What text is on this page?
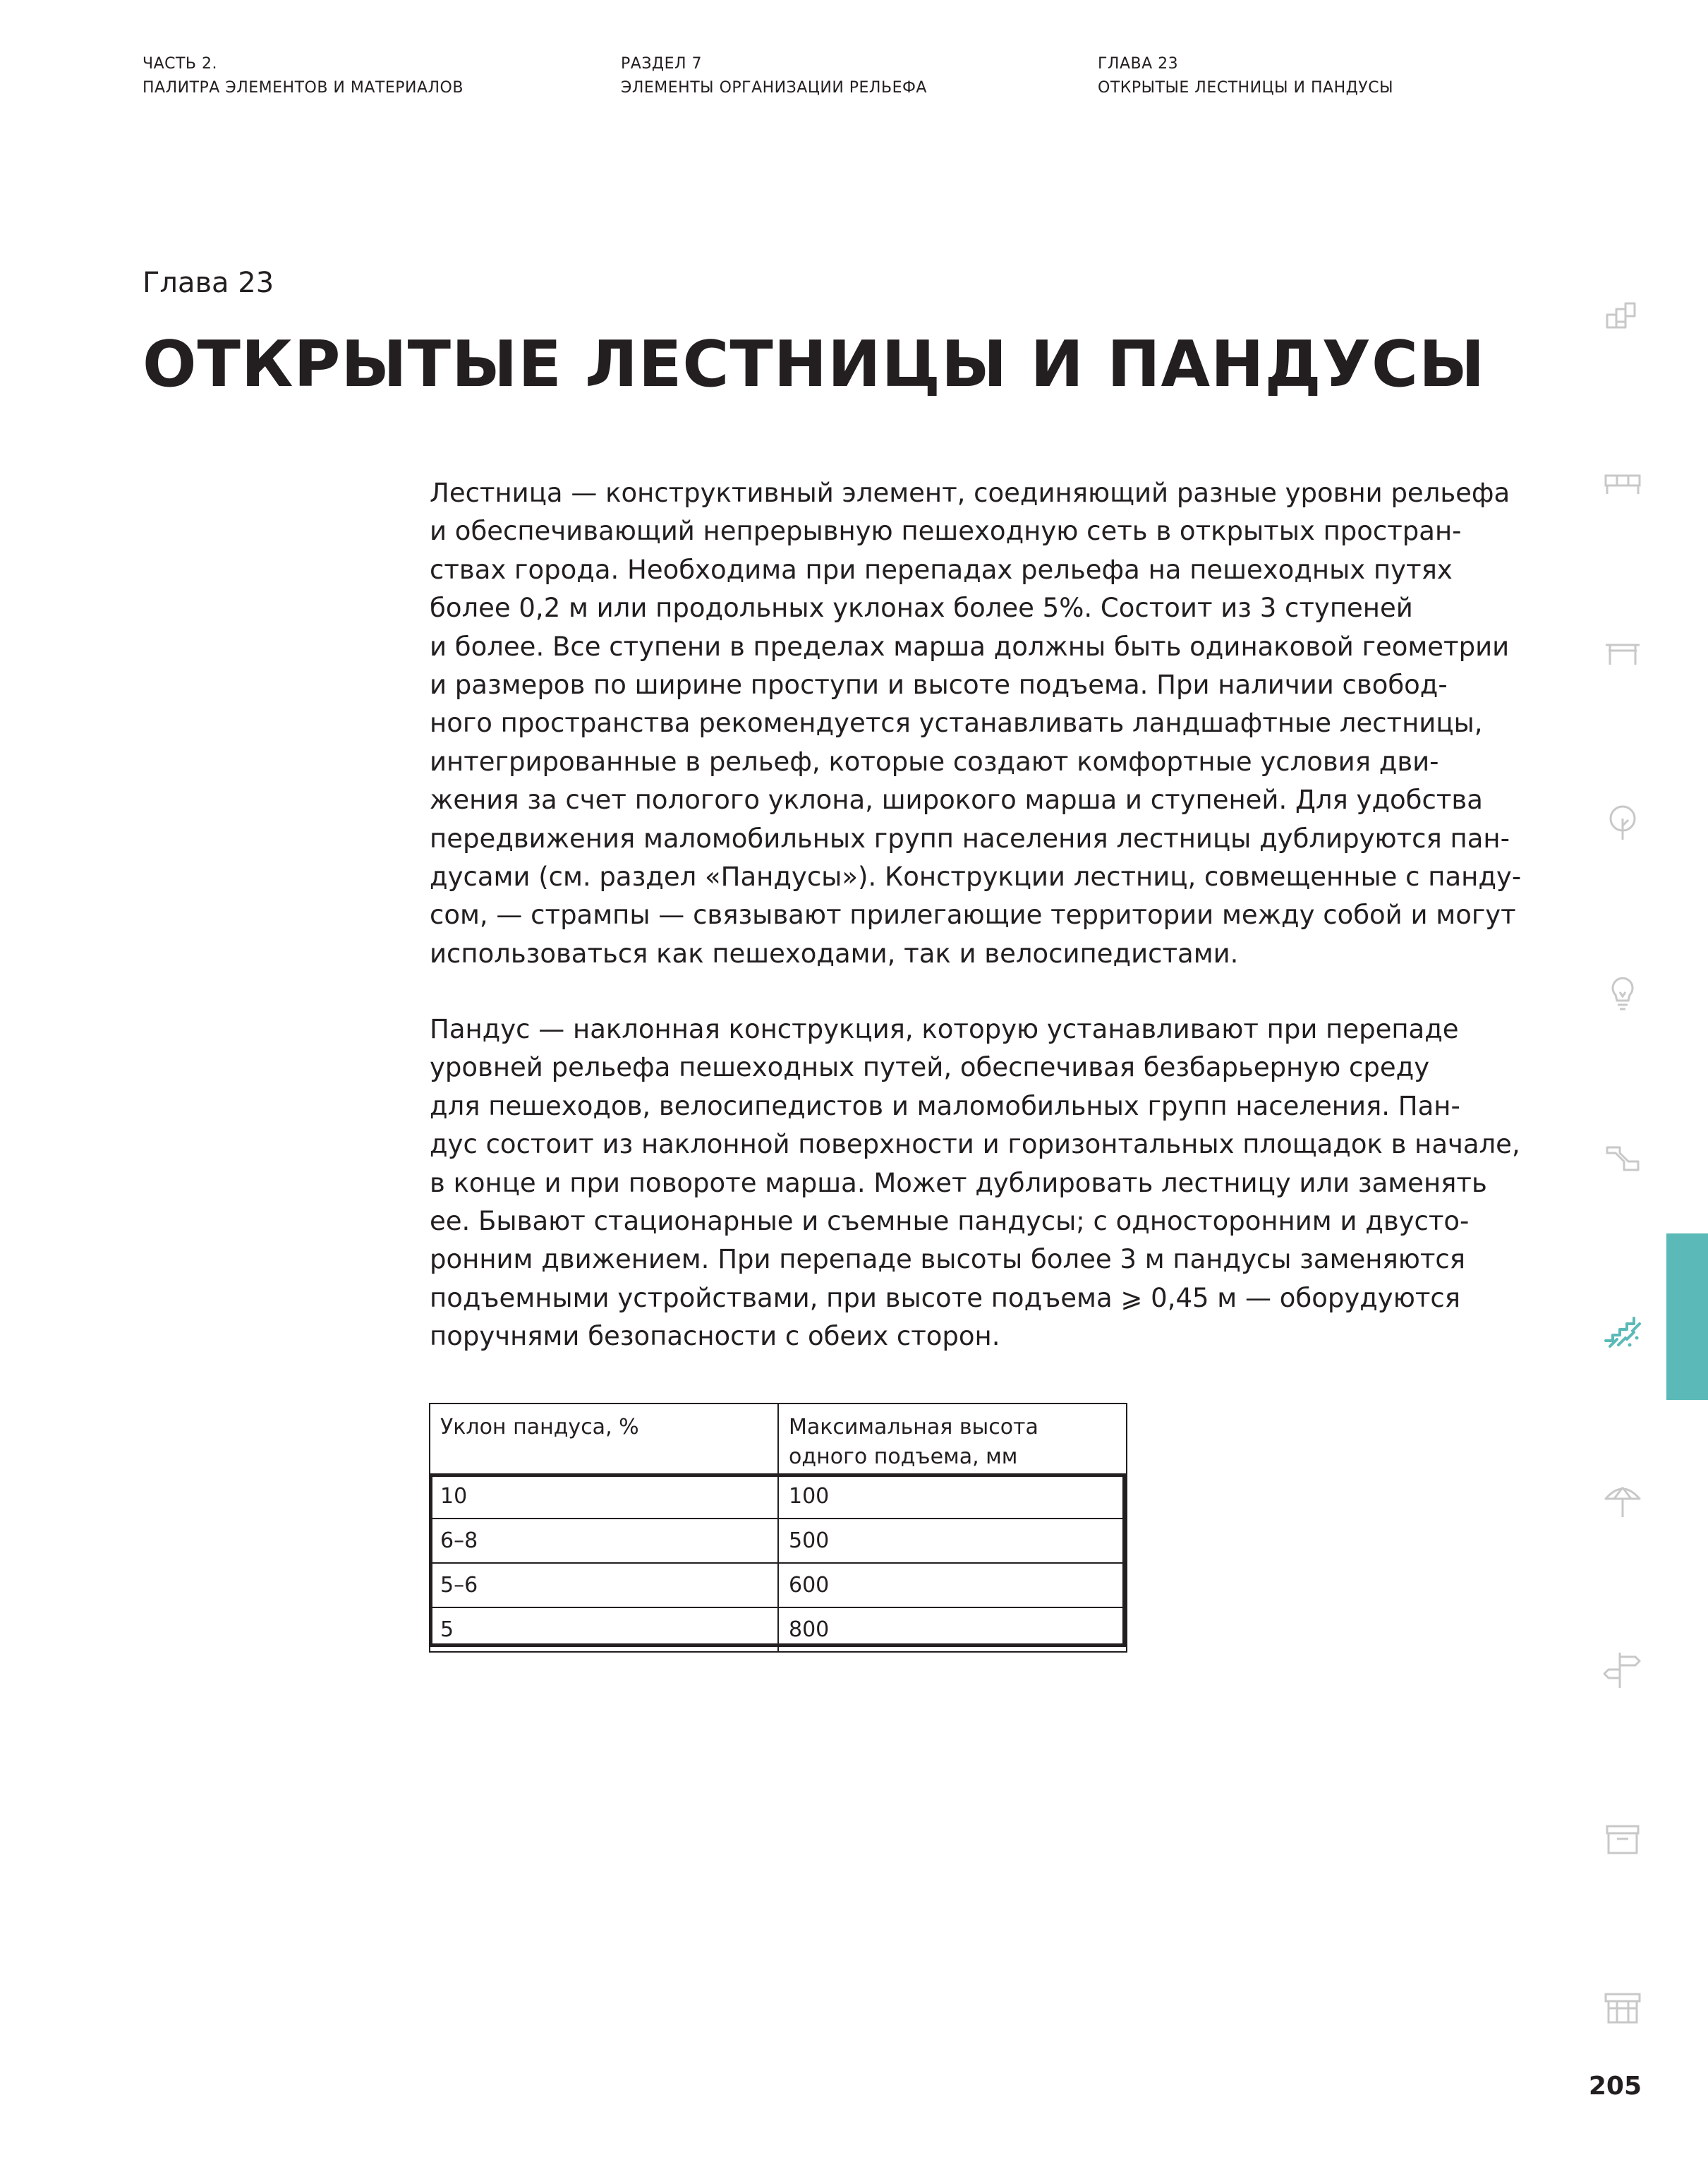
ЧАСТЬ 2.
ПАЛИТРА ЭЛЕМЕНТОВ И МАТЕРИАЛОВ
РАЗДЕЛ 7
ЭЛЕМЕНТЫ ОРГАНИЗАЦИИ РЕЛЬЕФА
ГЛАВА 23
ОТКРЫТЫЕ ЛЕСТНИЦЫ И ПАНДУСЫ
Глава 23
ОТКРЫТЫЕ ЛЕСТНИЦЫ И ПАНДУСЫ
Лестница — конструктивный элемент, соединяющий разные уровни рельефа
и обеспечивающий непрерывную пешеходную сеть в открытых простран-
ствах города. Необходима при перепадах рельефа на пешеходных путях
более 0,2 м или продольных уклонах более 5%. Состоит из 3 ступеней
и более. Все ступени в пределах марша должны быть одинаковой геометрии
и размеров по ширине проступи и высоте подъема. При наличии свобод-
ного пространства рекомендуется устанавливать ландшафтные лестницы,
интегрированные в рельеф, которые создают комфортные условия дви-
жения за счет пологого уклона, широкого марша и ступеней. Для удобства
передвижения маломобильных групп населения лестницы дублируются пан-
дусами (см. раздел «Пандусы»). Конструкции лестниц, совмещенные с панду-
сом, — стрампы — связывают прилегающие территории между собой и могут
использоваться как пешеходами, так и велосипедистами.
Пандус — наклонная конструкция, которую устанавливают при перепаде
уровней рельефа пешеходных путей, обеспечивая безбарьерную среду
для пешеходов, велосипедистов и маломобильных групп населения. Пан-
дус состоит из наклонной поверхности и горизонтальных площадок в начале,
в конце и при повороте марша. Может дублировать лестницу или заменять
ее. Бывают стационарные и съемные пандусы; с односторонним и двусто-
ронним движением. При перепаде высоты более 3 м пандусы заменяются
подъемными устройствами, при высоте подъема ⩾ 0,45 м — оборудуются
поручнями безопасности с обеих сторон.
Уклон пандуса, %	Максимальная высота
одного подъема, мм

10	100
6–8	500
5–6	600
5	800
205
